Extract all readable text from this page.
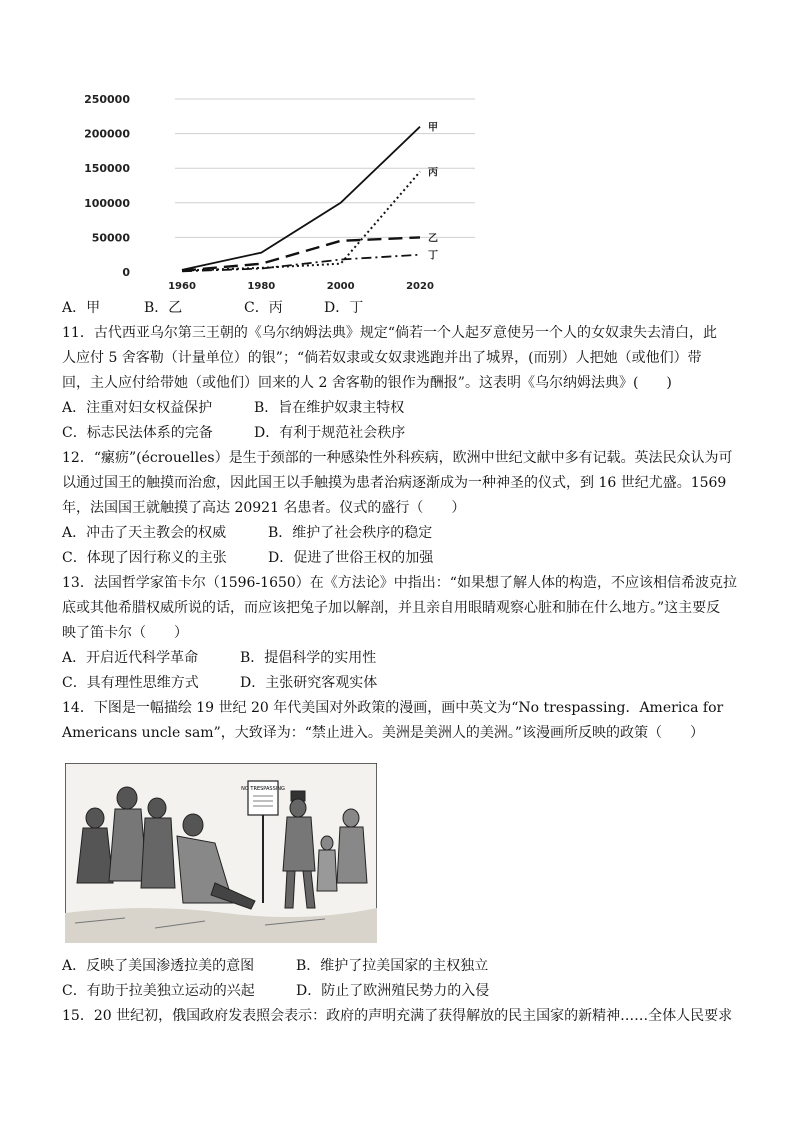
0
50000
100000
150000
200000
250000
1960	1980	2000	2020
甲
丙
乙
丁
A．甲	B．乙	C．丙	D．丁
11．古代西亚乌尔第三王朝的《乌尔纳姆法典》规定“倘若一个人起歹意使另一个人的女奴隶失去清白，此
人应付 5 舍客勒（计量单位）的银”；“倘若奴隶或女奴隶逃跑并出了城界，(而别）人把她（或他们）带
回，主人应付给带她（或他们）回来的人 2 舍客勒的银作为酬报”。这表明《乌尔纳姆法典》(　　)
A．注重对妇女权益保护	B．旨在维护奴隶主特权
C．标志民法体系的完备	D．有利于规范社会秩序
12．“瘰疬”(écrouelles）是生于颈部的一种感染性外科疾病，欧洲中世纪文献中多有记载。英法民众认为可
以通过国王的触摸而治愈，因此国王以手触摸为患者治病逐渐成为一种神圣的仪式，到 16 世纪尤盛。1569
年，法国国王就触摸了高达 20921 名患者。仪式的盛行（　　）
A．冲击了天主教会的权威	B．维护了社会秩序的稳定
C．体现了因行称义的主张	D．促进了世俗王权的加强
13．法国哲学家笛卡尔（1596-1650）在《方法论》中指出：“如果想了解人体的构造，不应该相信希波克拉
底或其他希腊权威所说的话，而应该把兔子加以解剖，并且亲自用眼睛观察心脏和肺在什么地方。”这主要反
映了笛卡尔（　　）
A．开启近代科学革命	B．提倡科学的实用性
C．具有理性思维方式	D．主张研究客观实体
14．下图是一幅描绘 19 世纪 20 年代美国对外政策的漫画，画中英文为“No trespassing．America for
Americans uncle sam”，大致译为：“禁止进入。美洲是美洲人的美洲。”该漫画所反映的政策（　　）
NO TRESPASSING
A．反映了美国渗透拉美的意图	B．维护了拉美国家的主权独立
C．有助于拉美独立运动的兴起	D．防止了欧洲殖民势力的入侵
15．20 世纪初，俄国政府发表照会表示：政府的声明充满了获得解放的民主国家的新精神……全体人民要求
